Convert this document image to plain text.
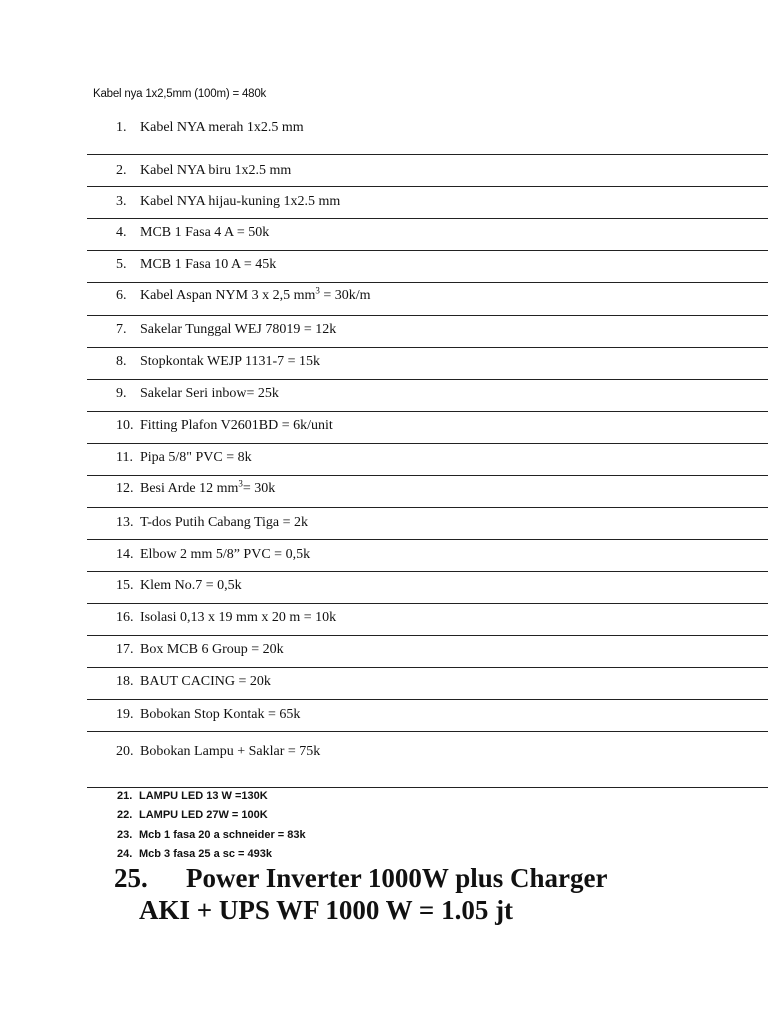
Kabel nya 1x2,5mm (100m) = 480k
1. Kabel NYA merah 1x2.5 mm
2. Kabel NYA biru 1x2.5 mm
3. Kabel NYA hijau-kuning 1x2.5 mm
4. MCB 1 Fasa 4 A = 50k
5. MCB 1 Fasa 10 A = 45k
6. Kabel Aspan NYM 3 x 2,5 $mm^3 = 30k/m$
7. Sakelar Tunggal WEJ 78019 = 12k
8. Stopkontak WEJP 1131-7 = 15k
9. Sakelar Seri inbow= 25k
10. Fitting Plafon V2601BD = 6k/unit
11. Pipa 5/8" PVC = 8k
12. Besi Arde 12 $mm^3= 30k$
13. T-dos Putih Cabang Tiga = 2k
14. Elbow 2 mm 5/8” PVC = 0,5k
15. Klem No.7 = 0,5k
16. Isolasi 0,13 x 19 mm x 20 m = 10k
17. Box MCB 6 Group = 20k
18. BAUT CACING = 20k
19. Bobokan Stop Kontak = 65k
20. Bobokan Lampu + Saklar = 75k
21. LAMPU LED 13 W =130K
22. LAMPU LED 27W = 100K
23. Mcb 1 fasa 20 a schneider = 83k
24. Mcb 3 fasa 25 a sc = 493k
25. Power Inverter 1000W plus Charger
AKI + UPS WF 1000 W = 1.05 jt
